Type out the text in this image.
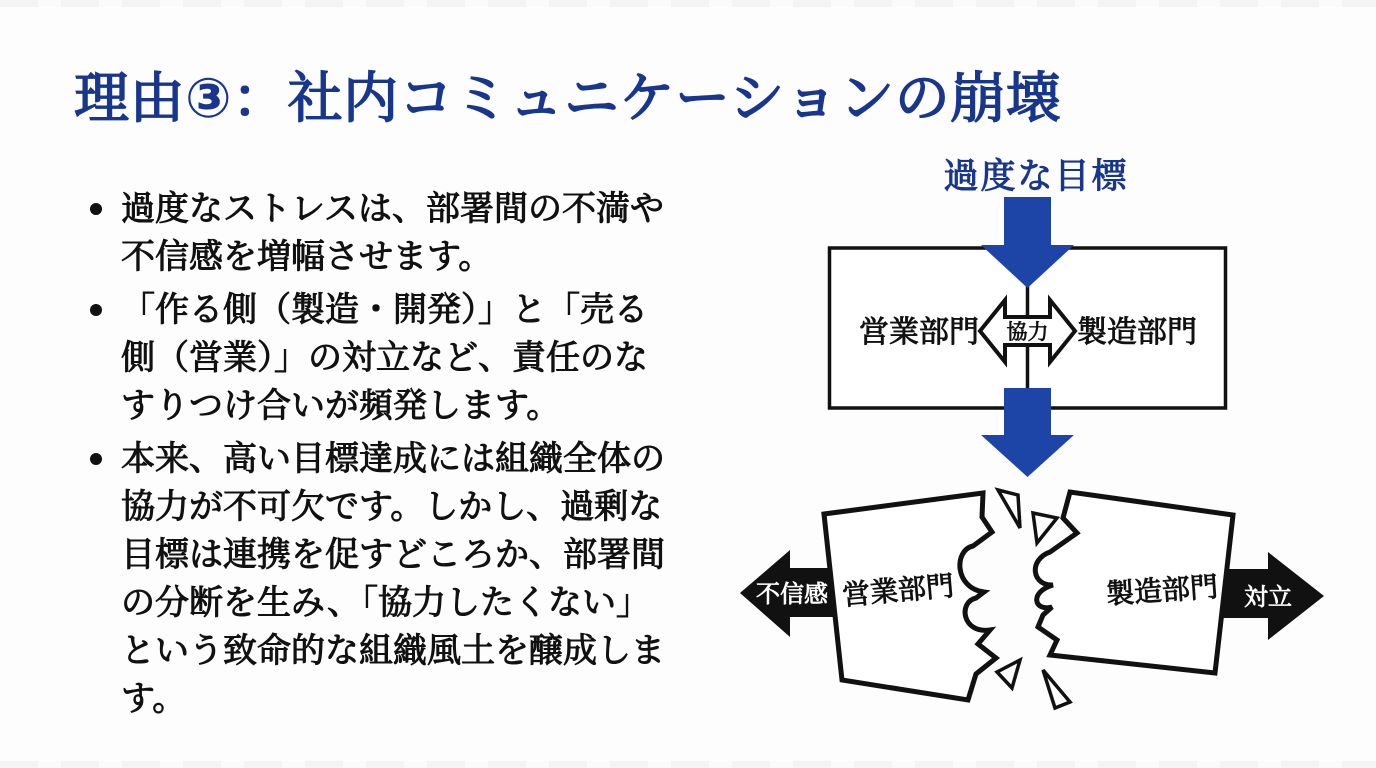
理由③：社内コミュニケーションの崩壊
過度なストレスは、部署間の不満や
不信感を増幅させます。
「作る側（製造・開発）」と「売る
側（営業）」の対立など、責任のな
すりつけ合いが頻発します。
本来、高い目標達成には組織全体の
協力が不可欠です。しかし、過剰な
目標は連携を促すどころか、部署間
の分断を生み、「協力したくない」
という致命的な組織風土を醸成しま
す。
過度な目標
営業部門	製造部門
協力
営業部門	製造部門
不信感	対立
